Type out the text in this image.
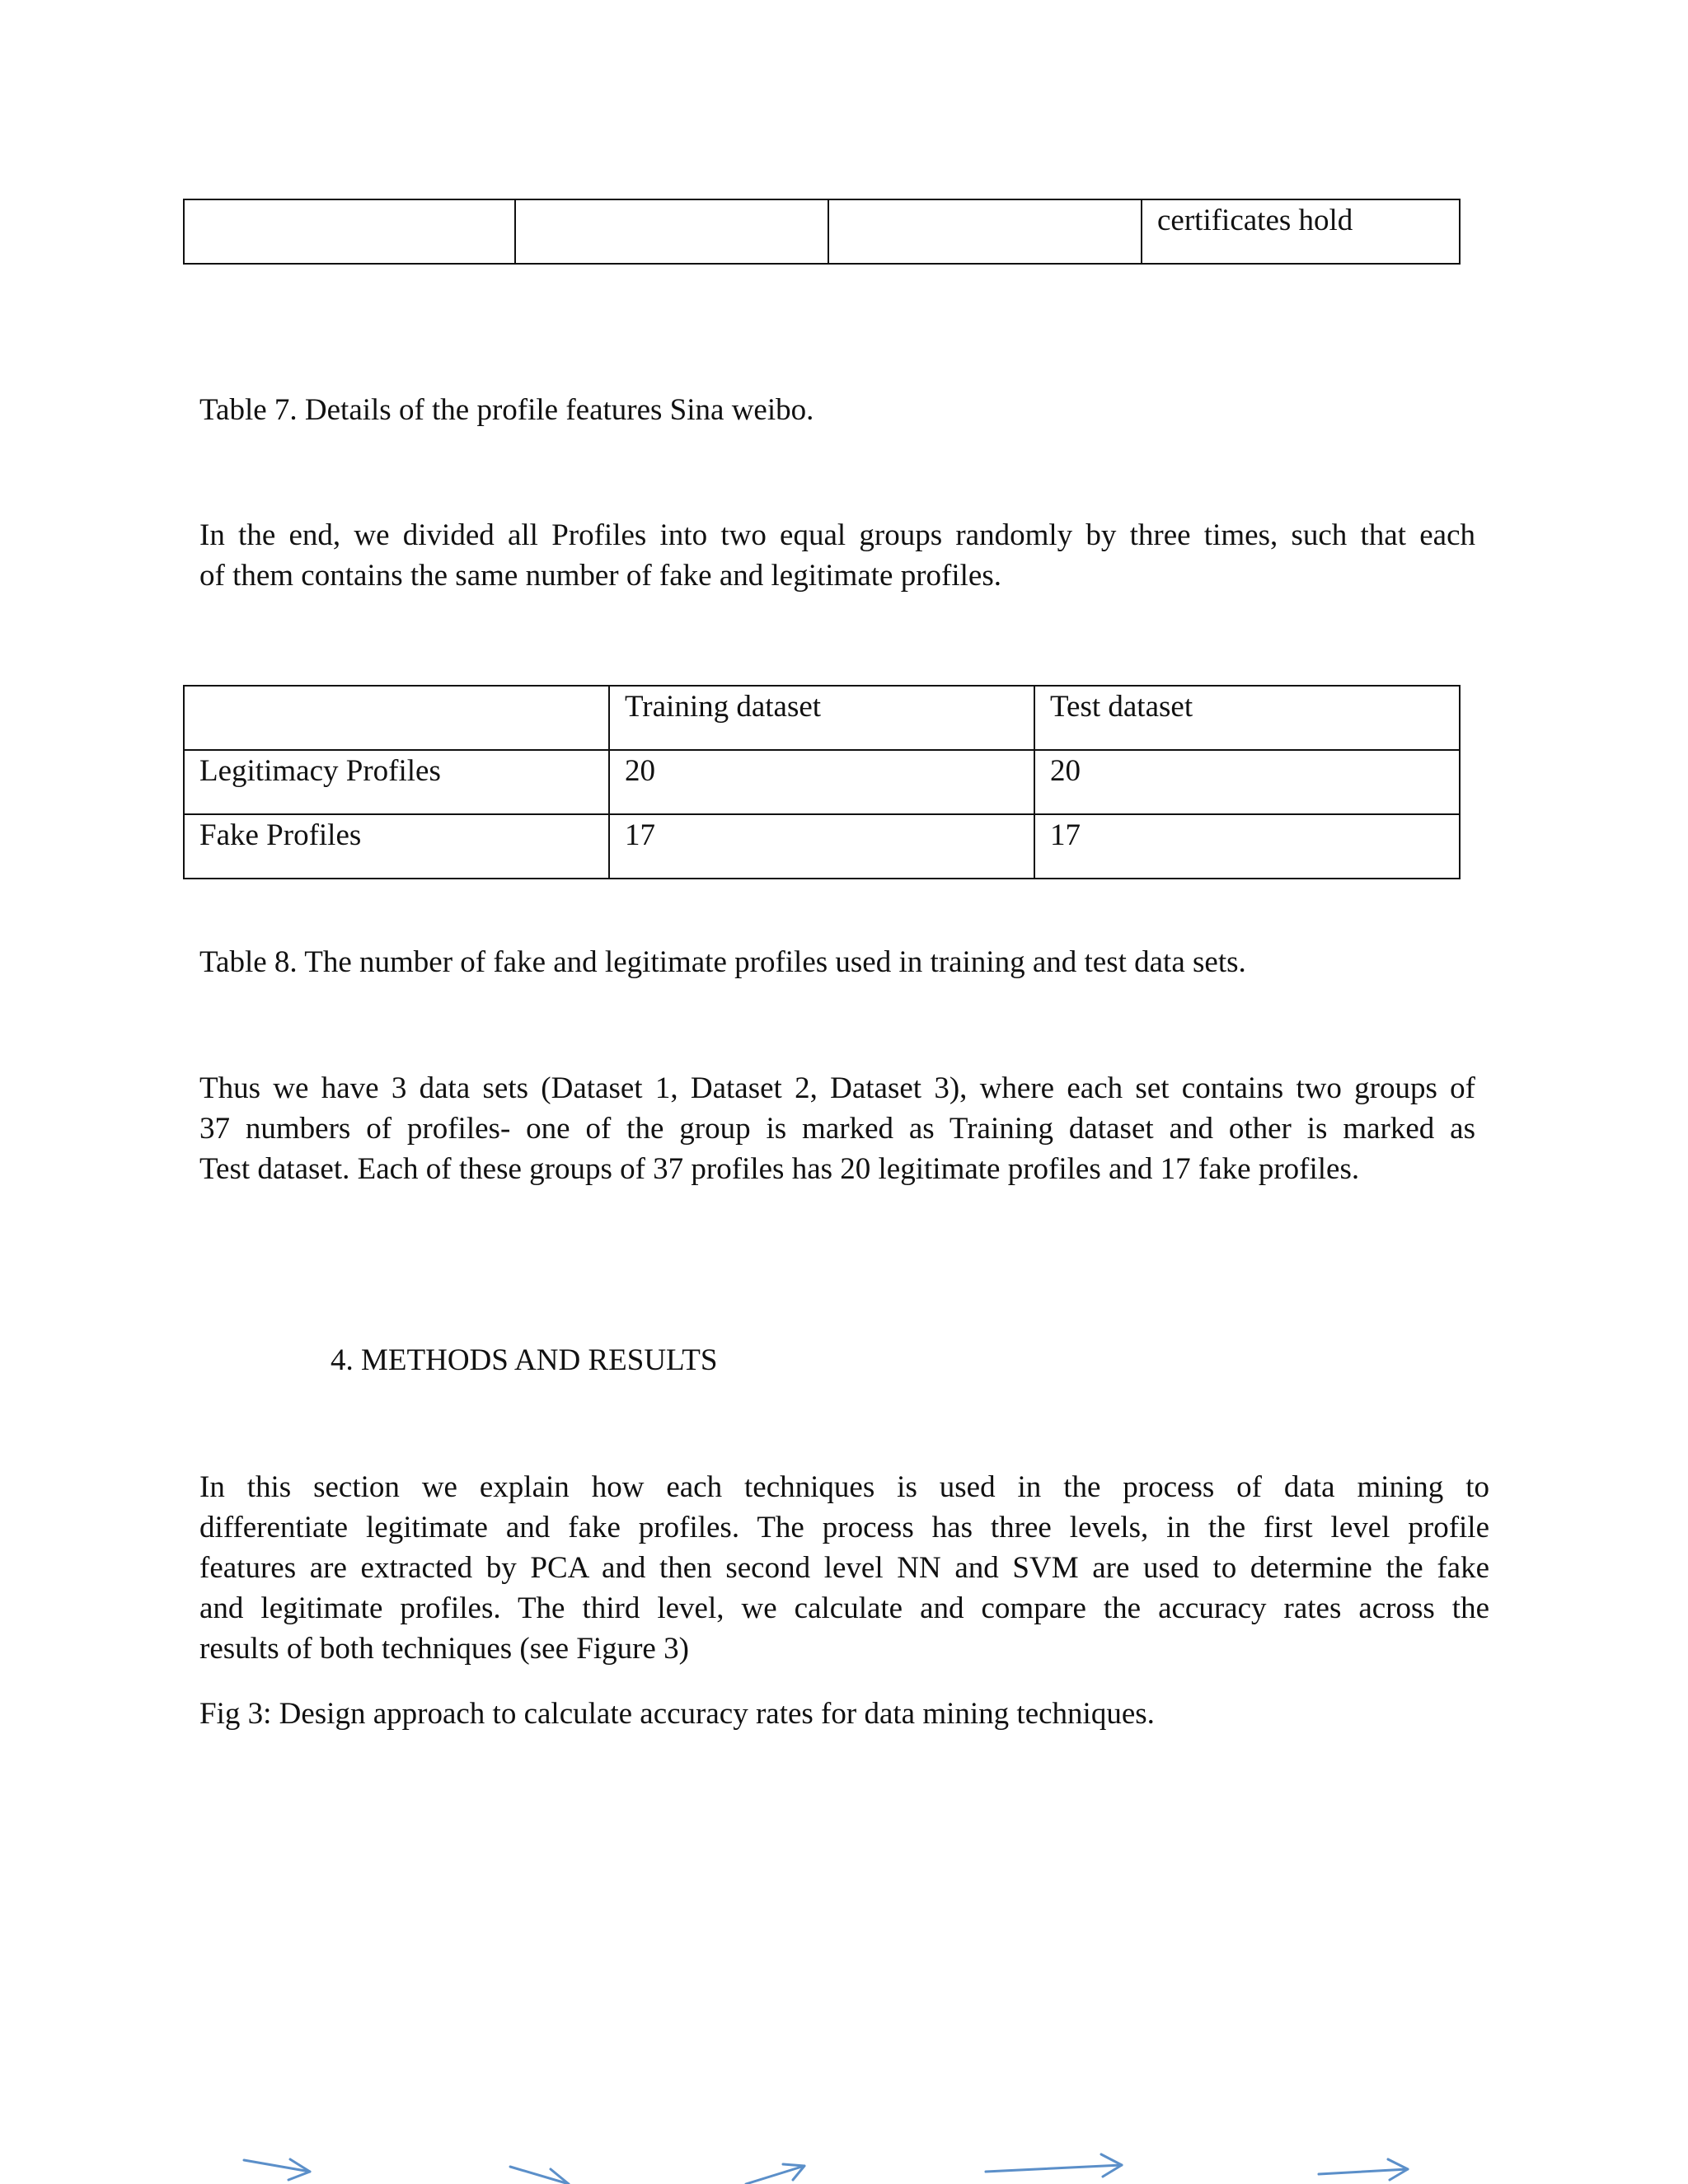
			certificates hold
Table 7. Details of the profile features Sina weibo.
In the end, we divided all Profiles into two equal groups randomly by three times, such that each
of them contains the same number of fake and legitimate profiles.
	Training dataset	Test dataset
Legitimacy Profiles	20	20
Fake Profiles	17	17
Table 8. The number of fake and legitimate profiles used in training and test data sets.
Thus we have 3 data sets (Dataset 1, Dataset 2, Dataset 3), where each set contains two groups of
37 numbers of profiles- one of the group is marked as Training dataset and other is marked as
Test dataset. Each of these groups of 37 profiles has 20 legitimate profiles and 17 fake profiles.
4. METHODS AND RESULTS
In this section we explain how each techniques is used in the process of data mining to
differentiate legitimate and fake profiles. The process has three levels, in the first level profile
features are extracted by PCA and then second level NN and SVM are used to determine the fake
and legitimate profiles. The third level, we calculate and compare the accuracy rates across the
results of both techniques (see Figure 3)
Fig 3: Design approach to calculate accuracy rates for data mining techniques.
